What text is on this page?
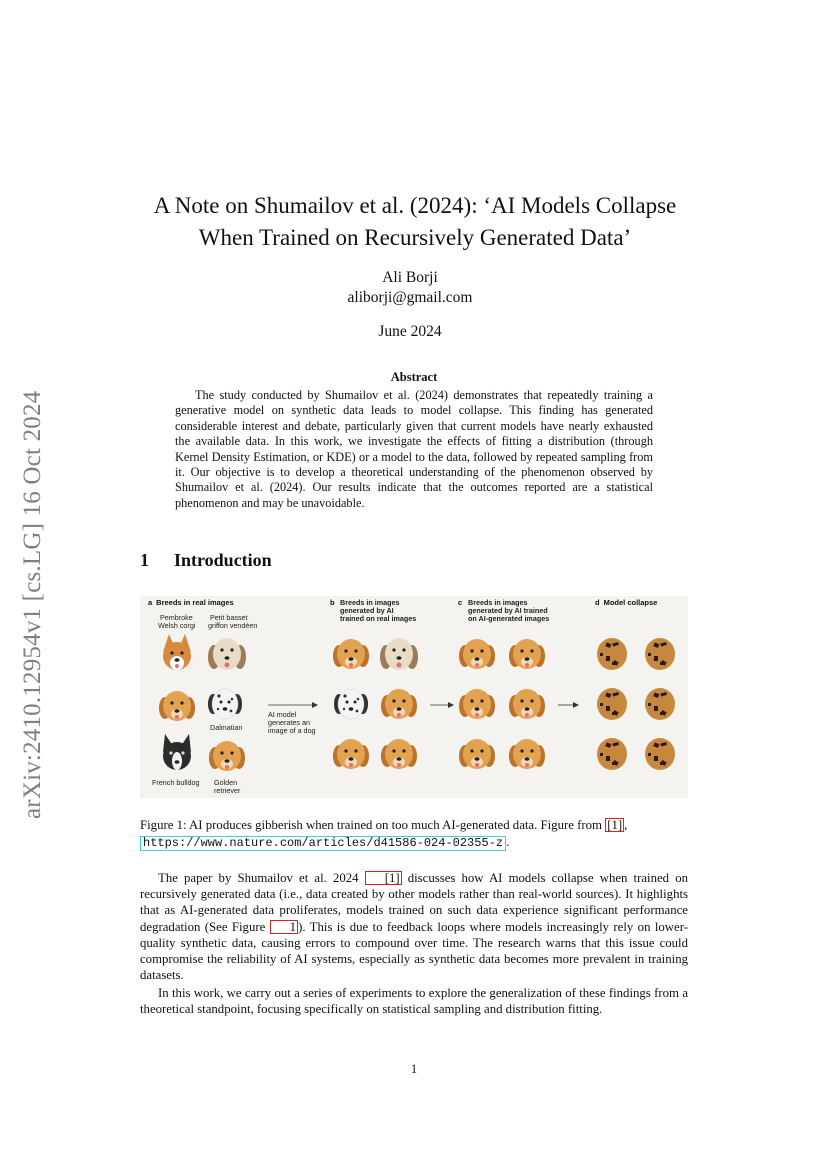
arXiv:2410.12954v1 [cs.LG] 16 Oct 2024
A Note on Shumailov et al. (2024): ‘AI Models Collapse
When Trained on Recursively Generated Data’
Ali Borji
aliborji@gmail.com
June 2024
Abstract
The study conducted by Shumailov et al. (2024) demonstrates that repeatedly training a generative model on synthetic data leads to model collapse. This finding has generated considerable interest and debate, particularly given that current models have nearly exhausted the available data. In this work, we investigate the effects of fitting a distribution (through Kernel Density Estimation, or KDE) or a model to the data, followed by repeated sampling from it. Our objective is to develop a theoretical understanding of the phenomenon observed by Shumailov et al. (2024). Our results indicate that the outcomes reported are a statistical phenomenon and may be unavoidable.
1 Introduction
a Breeds in real images	b Breeds in images
generated by AI
trained on real images
c Breeds in images
generated by AI trained
on AI-generated images
d Model collapse
Pembroke
Welsh corgi
Petit basset
griffon vendéen
Dalmatian
French bulldog Golden
retriever
AI model
generates an
image of a dog
Figure 1: AI produces gibberish when trained on too much AI-generated data. Figure from [1] , https://www.nature.com/articles/d41586-024-02355-z .
The paper by Shumailov et al. 2024 [1] discusses how AI models collapse when trained on recursively generated data (i.e., data created by other models rather than real-world sources). It highlights that as AI-generated data proliferates, models trained on such data experience significant performance degradation (See Figure 1 ). This is due to feedback loops where models increasingly rely on lower-quality synthetic data, causing errors to compound over time. The research warns that this issue could compromise the reliability of AI systems, especially as synthetic data becomes more prevalent in training datasets.
In this work, we carry out a series of experiments to explore the generalization of these findings from a theoretical standpoint, focusing specifically on statistical sampling and distribution fitting.
1
